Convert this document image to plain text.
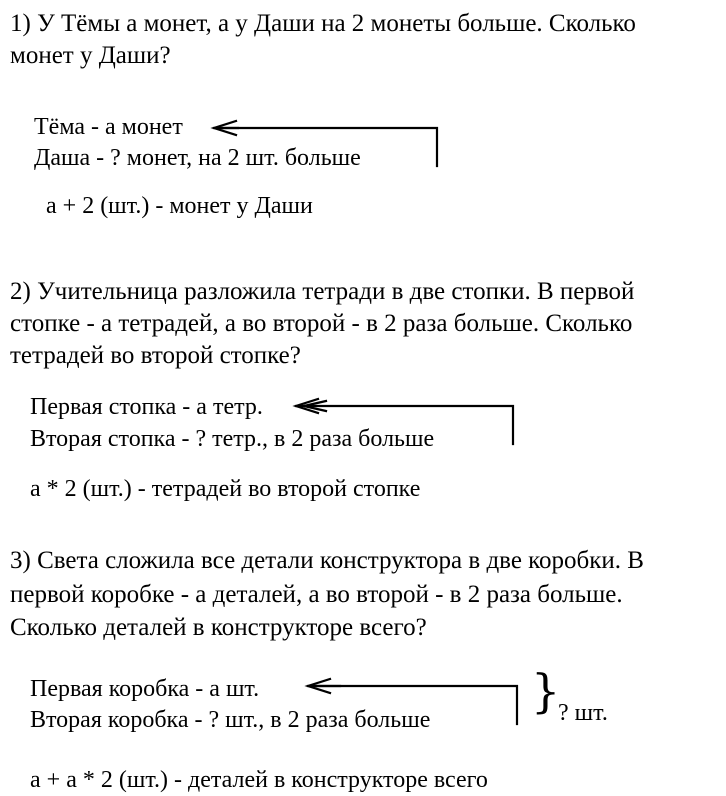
1) У Тёмы а монет, а у Даши на 2 монеты больше. Сколько
монет у Даши?
Тёма - а монет
Даша - ? монет, на 2 шт. больше
а + 2 (шт.) - монет у Даши
2) Учительница разложила тетради в две стопки. В первой
стопке - а тетрадей, а во второй - в 2 раза больше. Сколько
тетрадей во второй стопке?
Первая стопка - а тетр.
Вторая стопка - ? тетр., в 2 раза больше
а * 2 (шт.) - тетрадей во второй стопке
3) Света сложила все детали конструктора в две коробки. В
первой коробке - а деталей, а во второй - в 2 раза больше.
Сколько деталей в конструкторе всего?
Первая коробка - а шт.
Вторая коробка - ? шт., в 2 раза больше
}
? шт.
а + а * 2 (шт.) - деталей в конструкторе всего
